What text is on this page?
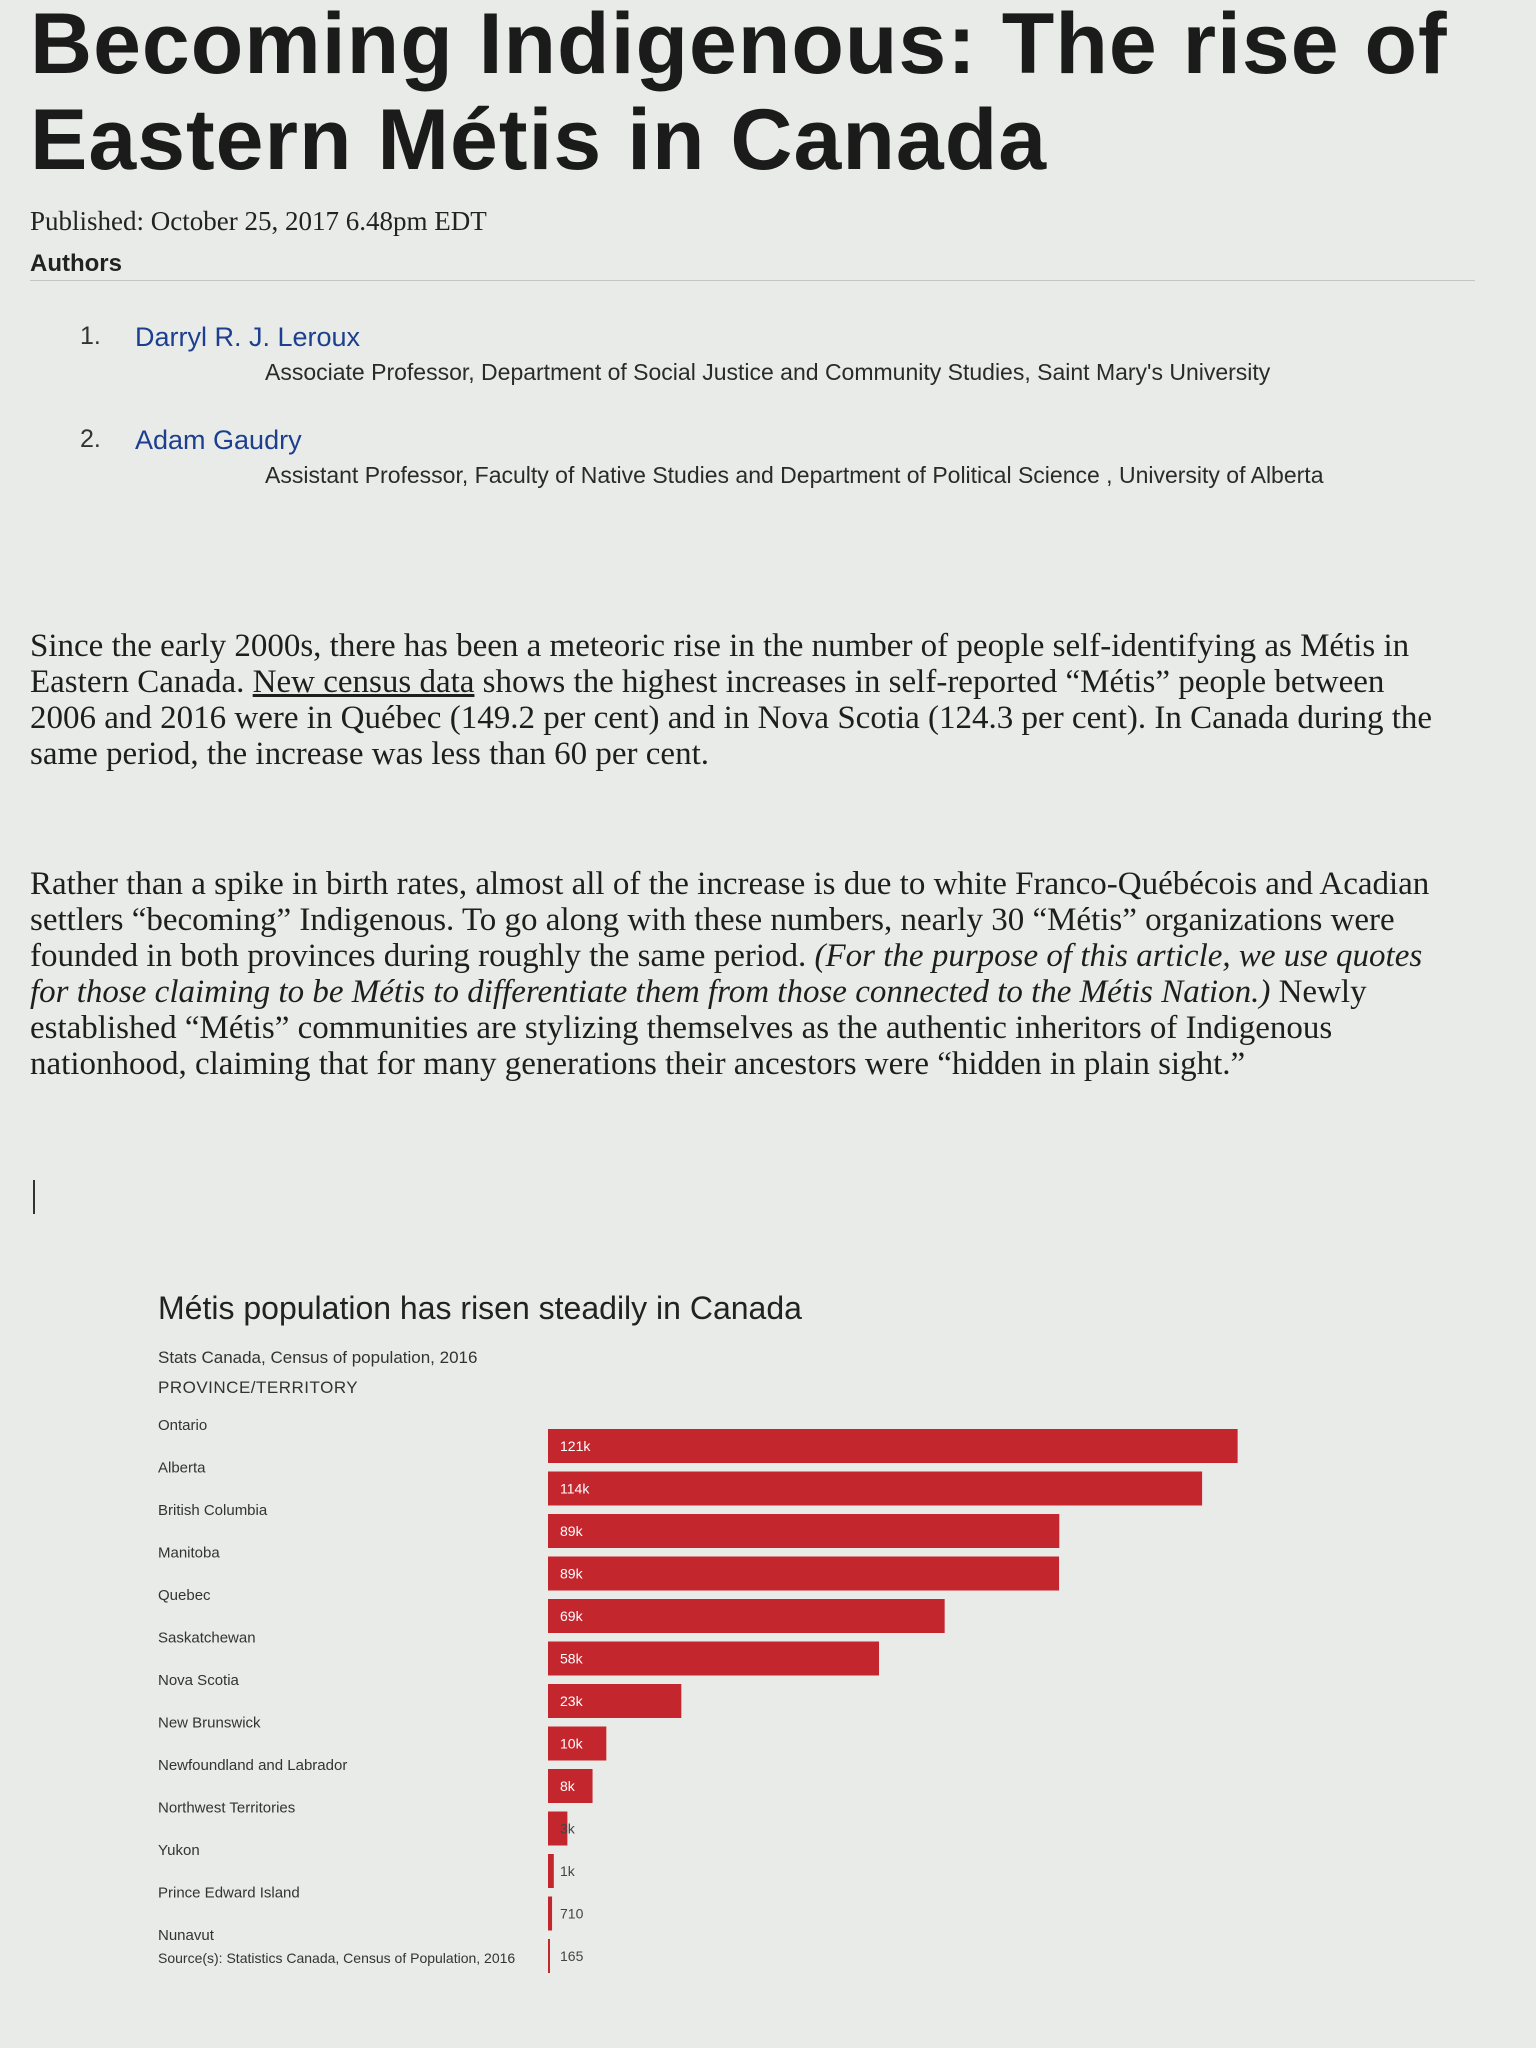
Becoming Indigenous: The rise of Eastern Métis in Canada
Published: October 25, 2017 6.48pm EDT
Authors
1. Darryl R. J. Leroux
Associate Professor, Department of Social Justice and Community Studies, Saint Mary's University
2. Adam Gaudry
Assistant Professor, Faculty of Native Studies and Department of Political Science , University of Alberta

Since the early 2000s, there has been a meteoric rise in the number of people self-identifying as Métis in Eastern Canada. New census data shows the highest increases in self-reported “Métis” people between 2006 and 2016 were in Québec (149.2 per cent) and in Nova Scotia (124.3 per cent). In Canada during the same period, the increase was less than 60 per cent.

Rather than a spike in birth rates, almost all of the increase is due to white Franco-Québécois and Acadian settlers “becoming” Indigenous. To go along with these numbers, nearly 30 “Métis” organizations were founded in both provinces during roughly the same period. (For the purpose of this article, we use quotes for those claiming to be Métis to differentiate them from those connected to the Métis Nation.) Newly established “Métis” communities are stylizing themselves as the authentic inheritors of Indigenous nationhood, claiming that for many generations their ancestors were “hidden in plain sight.”

Métis population has risen steadily in Canada
Stats Canada, Census of population, 2016
PROVINCE/TERRITORY
Ontario
121k
Alberta
114k
British Columbia
89k
Manitoba
89k
Quebec
69k
Saskatchewan
58k
Nova Scotia
23k
New Brunswick
10k
Newfoundland and Labrador
8k
Northwest Territories
3k
Yukon
1k
Prince Edward Island
710
Nunavut
165
Source(s): Statistics Canada, Census of Population, 2016
